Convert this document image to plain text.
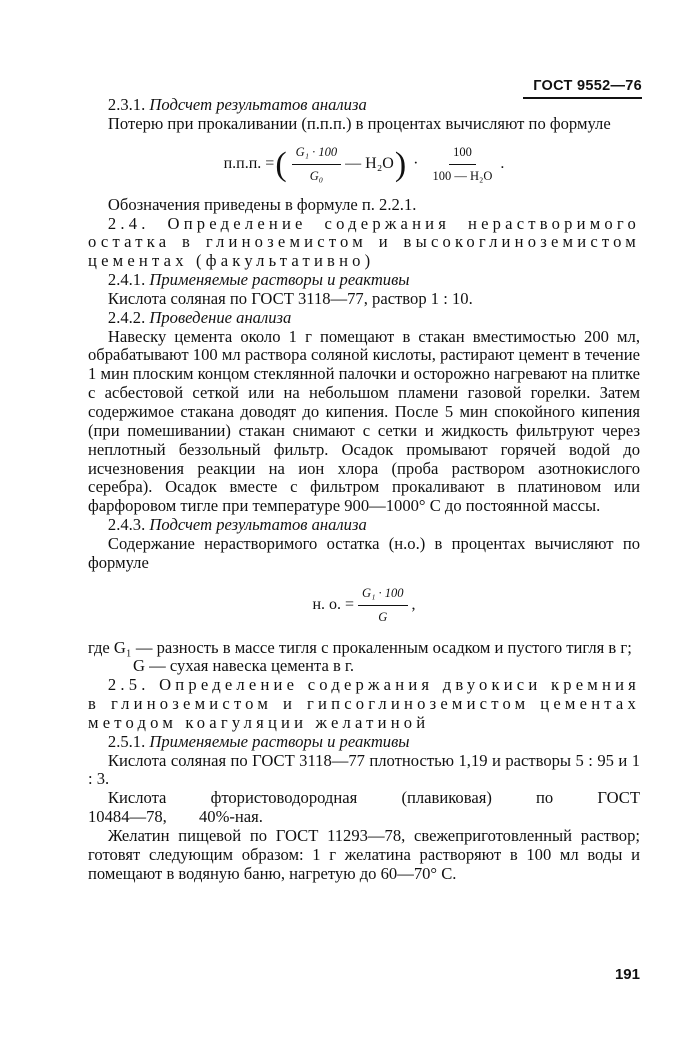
ГОСТ 9552—76

2.3.1. Подсчет результатов анализа

Потерю при прокаливании (п.п.п.) в процентах вычисляют по формуле

п.п.п. = ( $\frac{\text{G₁ · 100}}{\text{G₀}}$ — H₂O ) · $\frac{100}{\text{100 — H₂O}}$ .

Обозначения приведены в формуле п. 2.2.1.

2.4. Определение содержания нерастворимого остатка в глиноземистом и высокоглиноземистом цементах (факультативно)

2.4.1. Применяемые растворы и реактивы

Кислота соляная по ГОСТ 3118—77, раствор 1 : 10.

2.4.2. Проведение анализа

Навеску цемента около 1 г помещают в стакан вместимостью 200 мл, обрабатывают 100 мл раствора соляной кислоты, растирают цемент в течение 1 мин плоским концом стеклянной палочки и осторожно нагревают на плитке с асбестовой сеткой или на небольшом пламени газовой горелки. Затем содержимое стакана доводят до кипения. После 5 мин спокойного кипения (при помешивании) стакан снимают с сетки и жидкость фильтруют через неплотный беззольный фильтр. Осадок промывают горячей водой до исчезновения реакции на ион хлора (проба раствором азотнокислого серебра). Осадок вместе с фильтром прокаливают в платиновом или фарфоровом тигле при температуре 900—1000° С до постоянной массы.

2.4.3. Подсчет результатов анализа

Содержание нерастворимого остатка (н.о.) в процентах вычисляют по формуле

н. о. = $\frac{\text{G₁ · 100}}{G}$ ,

где G₁ — разность в массе тигля с прокаленным осадком и пустого тигля в г;

G — сухая навеска цемента в г.

2.5. Определение содержания двуокиси кремния в глиноземистом и гипсоглиноземистом цементах методом коагуляции желатиной

2.5.1. Применяемые растворы и реактивы

Кислота соляная по ГОСТ 3118—77 плотностью 1,19 и растворы 5 : 95 и 1 : 3.

Кислота фтористоводородная (плавиковая) по ГОСТ 10484—78, 40%-ная.

Желатин пищевой по ГОСТ 11293—78, свежеприготовленный раствор; готовят следующим образом: 1 г желатина растворяют в 100 мл воды и помещают в водяную баню, нагретую до 60—70° С.

191
